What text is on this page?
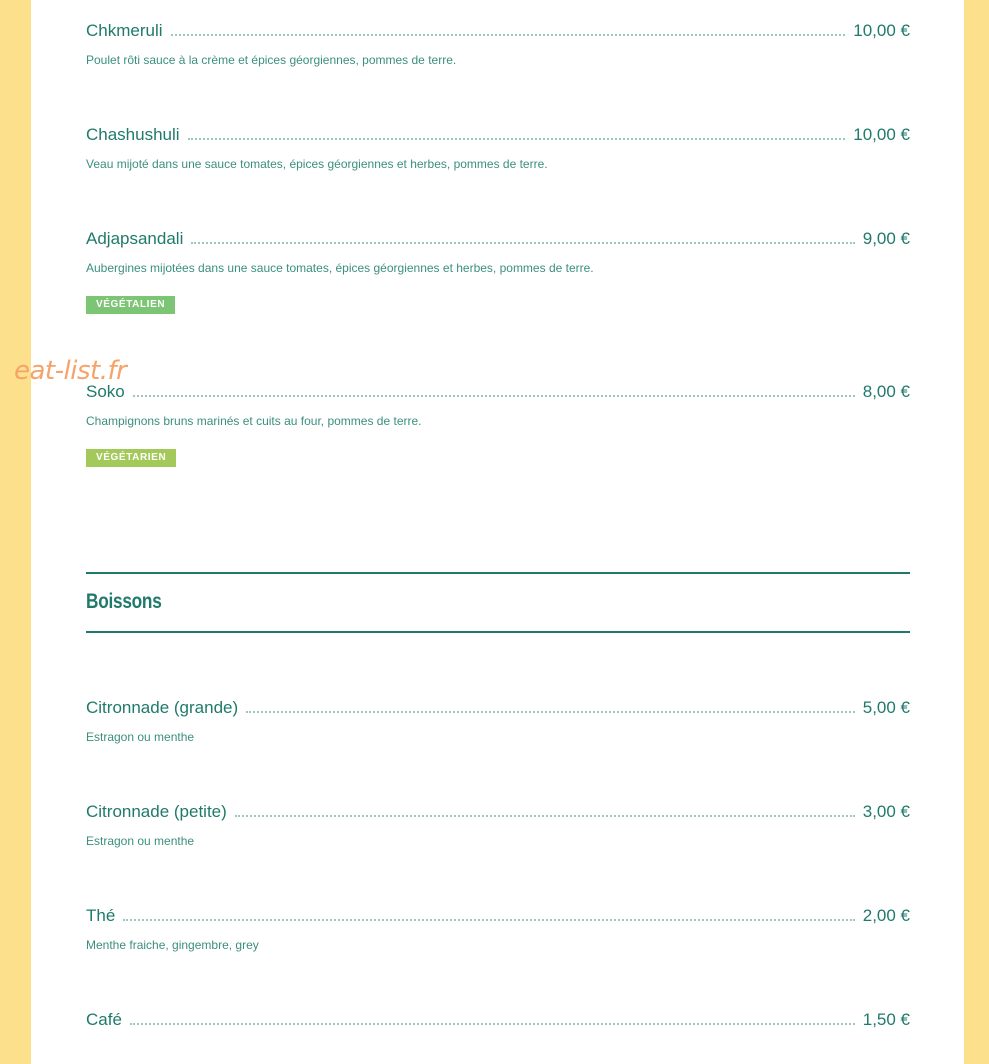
Chkmeruli	10,00 €
Poulet rôti sauce à la crème et épices géorgiennes, pommes de terre.
Chashushuli	10,00 €
Veau mijoté dans une sauce tomates, épices géorgiennes et herbes, pommes de terre.
Adjapsandali	9,00 €
Aubergines mijotées dans une sauce tomates, épices géorgiennes et herbes, pommes de terre.
VÉGÉTALIEN
Soko	8,00 €
Champignons bruns marinés et cuits au four, pommes de terre.
VÉGÉTARIEN
Boissons
Citronnade (grande)	5,00 €
Estragon ou menthe
Citronnade (petite)	3,00 €
Estragon ou menthe
Thé	2,00 €
Menthe fraiche, gingembre, grey
Café	1,50 €
eat-list.fr
